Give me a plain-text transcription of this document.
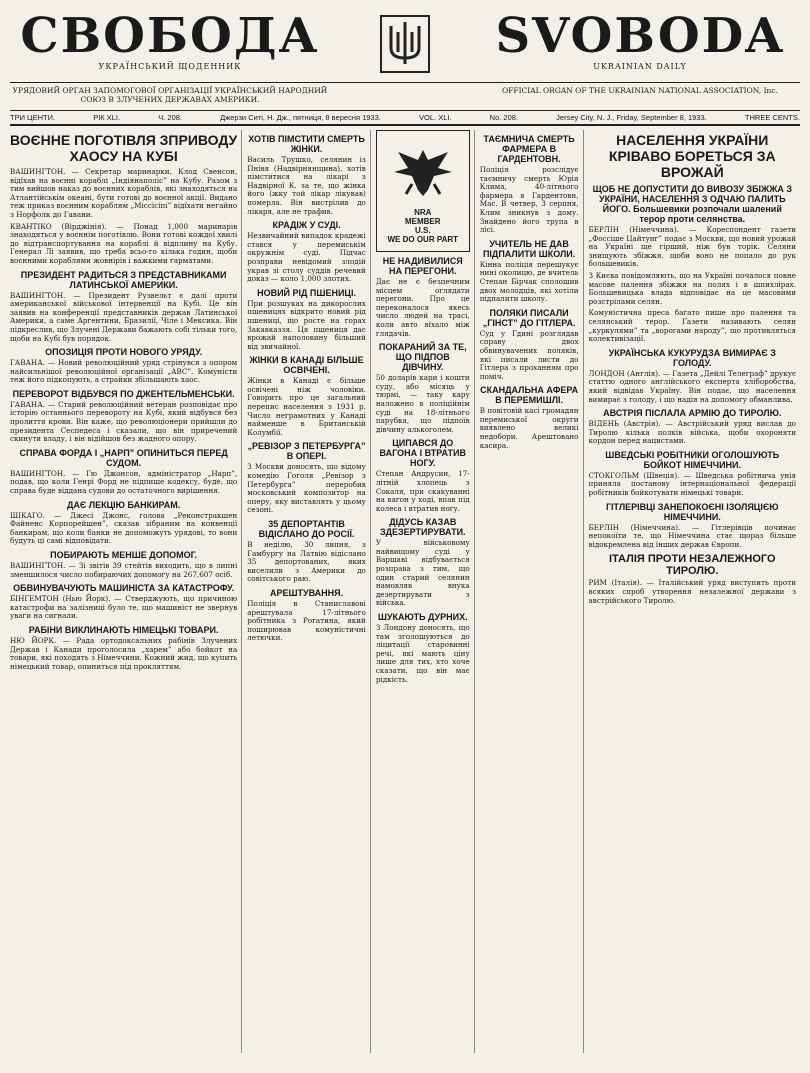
СВОБОДА
УКРАЇНСЬКИЙ ЩОДЕННИК
SVOBODA
UKRAINIAN DAILY
УРЯДОВИЙ ОРГАН ЗАПОМОГОВОЇ ОРГАНІЗАЦІЇ УКРАЇНСЬКИЙ НАРОДНИЙ СОЮЗ В ЗЛУЧЕНИХ ДЕРЖАВАХ АМЕРИКИ.
OFFICIAL ORGAN OF THE UKRAINIAN NATIONAL ASSOCIATION, Inc.
ТРИ ЦЕНТИ.	РІК XLI.	Ч. 208.	Джерзи Ситі, Н. Дж., пятниця, 8 вересня 1933.	VOL. XLI.	No. 208.	Jersey City, N. J., Friday, September 8, 1933.	THREE CENTS.
ВОЄННЕ ПОГОТІВЛЯ ЗПРИВОДУ ХАОСУ НА КУБІ

ВАШИНГТОН. — Секретар маринарки, Клод Свенсон, відїхав на воєнні кораблі „Індіянаполіс” на Кубу. Разом з тим вийшов наказ до воєнних кораблів, які знаходяться на Атлантійськім океані, бути готові до воєнної акції. Видано теж приказ воєнним кораблям „Міссісіпі” відїхати негайно з Норфолк до Гавани.

КВАНТІКО (Вірджінія). — Понад 1,000 маринарів знаходяться у воєннім поготівлю. Вони готові кождої хвилі до відтранспортування на кораблі й відплину на Кубу. Генерал Лі заявив, що треба всьо-го кілька годин, щоби воєнними кораблями жовнірів і важкими гарматами.

ПРЕЗИДЕНТ РАДИТЬСЯ З ПРЕДСТАВНИКАМИ ЛАТИНСЬКОЇ АМЕРИКИ.

ВАШИНГТОН. — Президент Рузвельт є далі проти американської військової інтервенції на Кубі. Це він заявив на конференції представників держав Латинської Америки, а саме Аргентини, Бразилії, Чіле і Мексика. Він підкреслив, що Злучені Держави бажають собі тільки того, щоби на Кубі був порядок.

ОПОЗИЦІЯ ПРОТИ НОВОГО УРЯДУ.

ГАВАНА. — Новий революційний уряд стрінувся з опором найсильнішої революційної організації „АВС”. Комуністи теж його підкопують, а страйки збільшають хаос.

ПЕРЕВОРОТ ВІДБУВСЯ ПО ДЖЕНТЕЛЬМЕНСЬКИ.

ГАВАНА. — Старий революційний ветеран розповідає про історію останнього перевороту на Кубі, який відбувся без пролиття крови. Він каже, що революціонери прийшли до президента Сеспедеса і сказали, що він приречений скинути владу, і він відійшов без жадного опору.

СПРАВА ФОРДА І „НАРП” ОПИНИТЬСЯ ПЕРЕД СУДОМ.

ВАШИНГТОН. — Гю Джонсон, адміністратор „Нарп”, подав, що коли Генрі Форд не підпише кодексу, буде, що справа буде віддана судови до остаточного вирішення.

ДАЄ ЛЕКЦІЮ БАНКИРАМ.

ШІКАГО. — Джесі Джонс, голова „Реконстракшен Файненс Корпорейшен”, сказав зібраним на конвенції банкирам, що коли банки не допоможуть урядові, то вони будуть ці самі відповідати.

ПОБИРАЮТЬ МЕНШЕ ДОПОМОГ.

ВАШИНГТОН. — Зі звітів 39 стейтів виходить, що в липні зменшилося число побираючих допомогу на 267,607 осіб.

ОБВИНУВАЧУЮТЬ МАШИНІСТА ЗА КАТАСТРОФУ.

БІНГЕМТОН (Нью Йорк). — Стверджують, що причиною катастрофи на залізниці було те, що машиніст не звернув уваги на сигнали.

РАБІНИ ВИКЛИНАЮТЬ НІМЕЦЬКІ ТОВАРИ.

НЮ ЙОРК. — Рада ортодоксальних рабінів Злучених Держав і Канади проголосила „харем” або бойкот на товари, які походять з Німеччини. Кожний жид, що купить німецький товар, опиниться під прокляттям.

ХОТІВ ПІМСТИТИ СМЕРТЬ ЖІНКИ.

Василь Трушко, селянин із Пнівя (Надвірнянщина), хотів пімститися на лікарі з Надвірної К. за те, що жінка його (жку той лікар лікував) померла. Він вистрілив до лікаря, але не трафив.

КРАДІЖ У СУДІ.

Незвичайний випадок крадежі стався у перемиськім окружнім суді. Підчас розправи невідомий злодій украв зі столу суддів речевий доказ — коло 1,000 злотих.

НОВИЙ РІД ПШЕНИЦІ.

При розшуках на дикорослих пшеницях відкрито новий рід пшениці, що росте на горах Закавказзя. Ця пшениця дає врожай наполовину більший від звичайної.

ЖІНКИ В КАНАДІ БІЛЬШЕ ОСВІЧЕНІ.

Жінки в Канаді є більше освічені ніж чоловіки. Говорить про це загальний перепис населення з 1931 р. Число неграмотних у Канаді найменше в Британській Колумбії.

„РЕВІЗОР З ПЕТЕРБУРГА” В ОПЕРІ.

З Москви доносять, що відому комедію Гоголя „Ревізор з Петербурга” переробив московський композитор на оперу, яку виставлять у цьому сезоні.

35 ДЕПОРТАНТІВ ВІДІСЛАНО ДО РОСІЇ.

В неділю, 30 липня, з Гамбургу на Латвію відіслано 35 депортованих, яких виселили з Америки до совітського раю.

АРЕШТУВАННЯ.

Поліція в Станиславові арештувала 17-літнього робітника з Рогатина, який поширював комуністичні летючки.

NRA
MEMBER
U.S.
WE DO OUR PART
НЕ НАДИВИЛИСЯ НА ПЕРЕГОНИ.

Дає не є безпечним місцем оглядати перегони. Про це переконалося якесь число людей на трасі, коли авто вїхало між глядачів.

ПОКАРАНИЙ ЗА ТЕ, ЩО ПІДПОВ ДІВЧИНУ.

50 доларів кари і кошти суду, або місяць у тюрмі, — таку кару наложено в поліційнім суді на 18-літнього парубка, що підпоїв дівчину алькоголем.

ЦИПАВСЯ ДО ВАГОНА І ВТРАТИВ НОГУ.

Степан Андрусин, 17-літній хлопець з Сокаля, при скакуванні на вагон у ході, впав під колеса і втратив ногу.

ДІДУСЬ КАЗАВ ЗДЕЗЕРТИРУВАТИ.

У військовому найвищому суді у Варшаві відбувається розправа з тим, що один старий селянин намовляв внука дезертирувати з війська.

ШУКАЮТЬ ДУРНИХ.

З Лондону доносять, що там зголошуються до ліцитації старовинні речі, які мають ціну лише для тих, хто хоче сказати, що він має рідкість.

ТАЄМНИЧА СМЕРТЬ ФАРМЕРА В ГАРДЕНТОВН.

Поліція розслідує таємничу смерть Юрія Клима, 40-літнього фармера в Гардентовн, Мас. В четвер, 3 серпня, Клим зникнув з дому. Знайдено його трупа в лісі.

УЧИТЕЛЬ НЕ ДАВ ПІДПАЛИТИ ШКОЛИ.

Кінна поліція перешукує нині околицю, де вчитель Степан Бірчак сполошив двох молодців, які хотіли підпалити школу.

ПОЛЯКИ ПИСАЛИ „ГІНСТ” ДО ГІТЛЕРА.

Суд у Гдині розглядав справу двох обвинувачених поляків, які писали листи до Гітлера з проханням про поміч.

СКАНДАЛЬНА АФЕРА В ПЕРЕМИШЛІ.

В повітовій касі громадян перемиської округи виявлено великі недобори. Арештовано касира.

НАСЕЛЕННЯ УКРАЇНИ КРІВАВО БОРЕТЬСЯ ЗА ВРОЖАЙ
ЩОБ НЕ ДОПУСТИТИ ДО ВИВОЗУ ЗБІЖЖА З УКРАЇНИ, НАСЕЛЕННЯ З ОДЧАЮ ПАЛИТЬ ЙОГО. Большевики розпочали шалений терор проти селянства.

БЕРЛІН (Німеччина). — Кореспондент газети „Фоссіше Цайтунг” подає з Москви, що новий урожай на Україні ще гірший, ніж був торік. Селяни знищують збіжжя, щоби воно не попало до рук большевиків.

З Києва повідомляють, що на Україні почалося повне масове палення збіжжя на полях і в шпихлірах. Большевицька влада відповідає на це масовими розстрілами селян.

Комуністична преса багато пише про палення та селянський терор. Газети називають селян „куркулями” та „ворогами народу”, що противляться колективізації.

УКРАЇНСЬКА КУКУРУДЗА ВИМИРАЄ З ГОЛОДУ.

ЛОНДОН (Англія). — Газета „Дейлі Телеграф” друкує статтю одного англійського експерта хліборобства, який відвідав Україну. Він подає, що населення вимирає з голоду, і що надія на допомогу обманлива.

АВСТРІЯ ПІСЛАЛА АРМІЮ ДО ТИРОЛЮ.

ВІДЕНЬ (Австрія). — Австрійський уряд вислав до Тиролю кілька полків війська, щоби охороняти кордон перед нацистами.

ШВЕДСЬКІ РОБІТНИКИ ОГОЛОШУЮТЬ БОЙКОТ НІМЕЧЧИНИ.

СТОКГОЛЬМ (Швеція). — Шведська робітнича унія приняла постанову інтернаціональної федерації робітників бойкотувати німецькі товари.

ГІТЛЕРІВЦІ ЗАНЕПОКОЄНІ ІЗОЛЯЦІЄЮ НІМЕЧЧИНИ.

БЕРЛІН (Німеччина). — Гітлерівців починає непокоїти те, що Німеччина стає щораз більше відокремлена від інших держав Європи.

ІТАЛІЯ ПРОТИ НЕЗАЛЕЖНОГО ТИРОЛЮ.

РИМ (Італія). — Італійський уряд виступить проти всяких спроб утворення незалежної держави з австрійського Тиролю.
